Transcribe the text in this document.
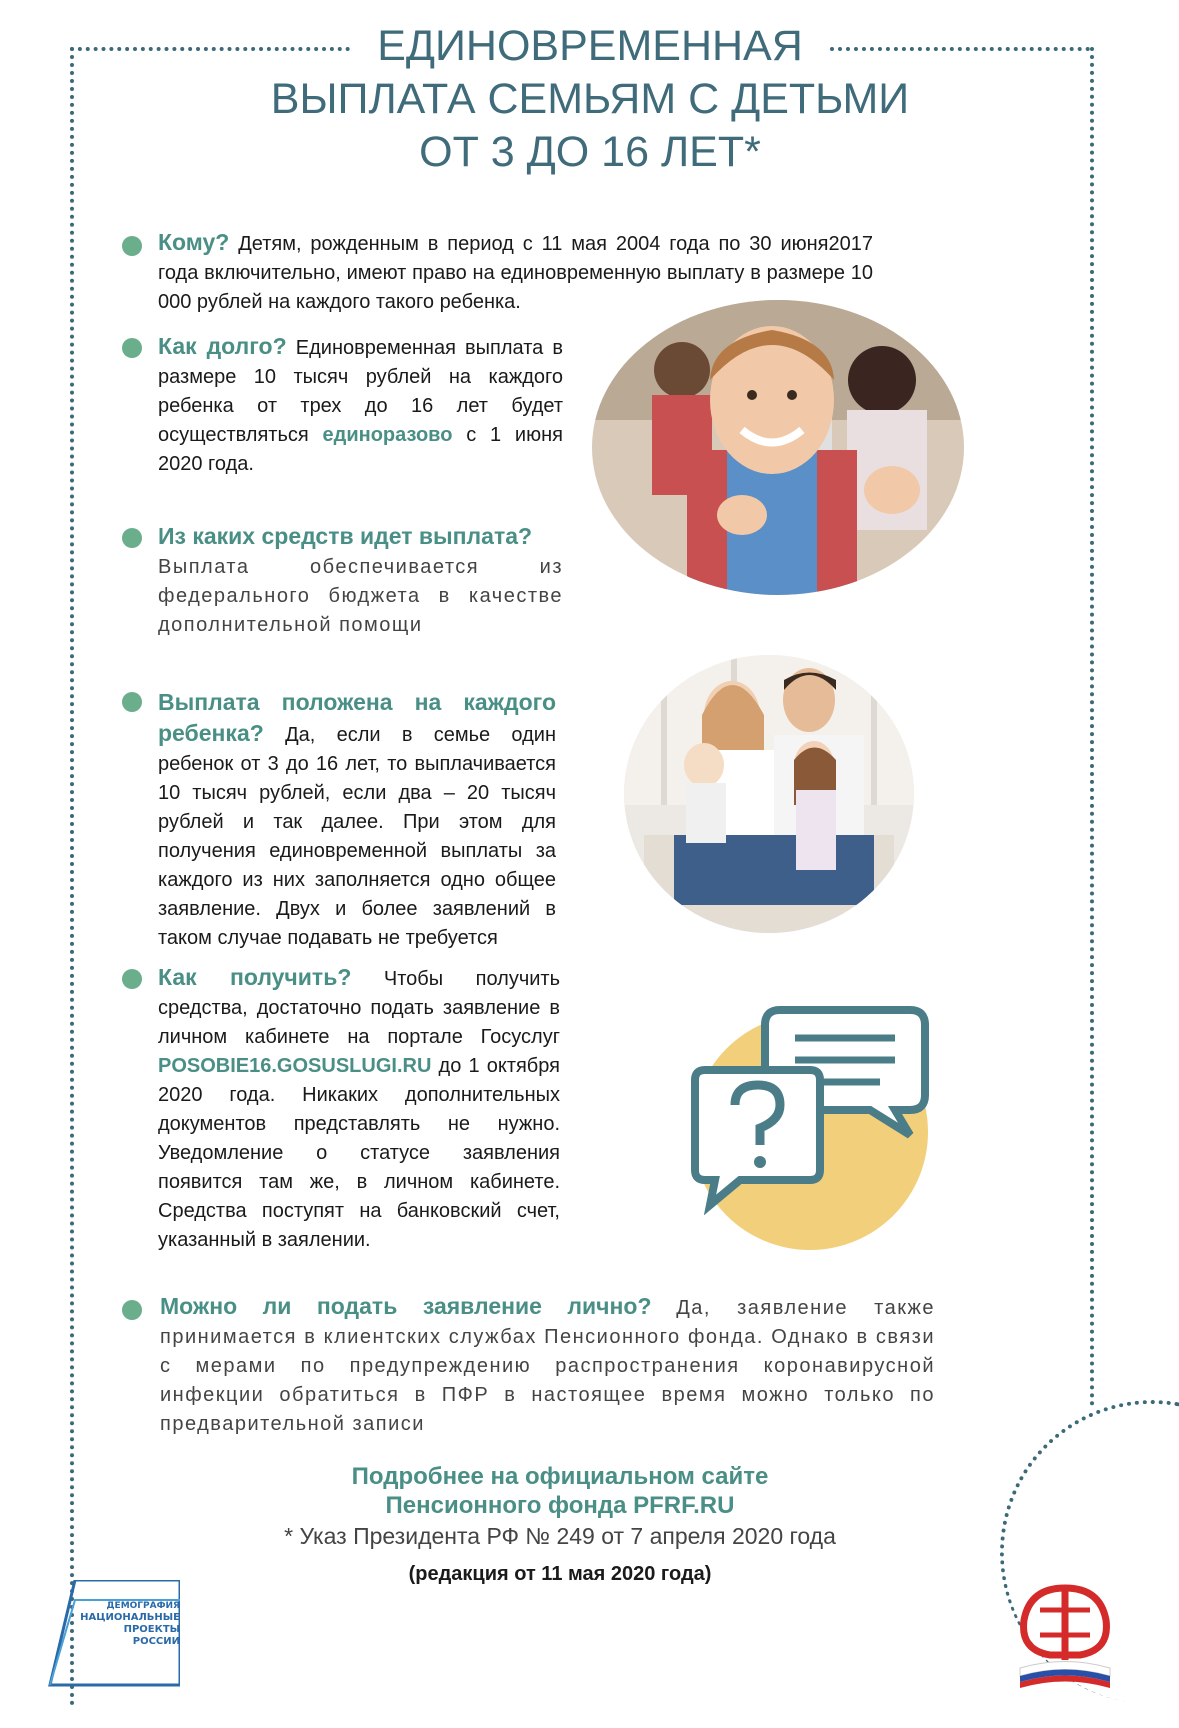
ЕДИНОВРЕМЕННАЯ
ВЫПЛАТА СЕМЬЯМ С ДЕТЬМИ
ОТ 3 ДО 16 ЛЕТ*
Кому? Детям, рожденным в период с 11 мая 2004 года по 30 июня2017 года включительно, имеют право на единовременную выплату в размере 10 000 рублей на каждого такого ребенка.
Как долго? Единовременная выплата в размере 10 тысяч рублей на каждого ребенка от трех до 16 лет будет осуществляться единоразово с 1 июня 2020 года.
Из каких средств идет выплата?
Выплата обеспечивается из федерального бюджета в качестве дополнительной помощи
Выплата положена на каждого ребенка? Да, если в семье один ребенок от 3 до 16 лет, то выплачивается 10 тысяч рублей, если два – 20 тысяч рублей и так далее. При этом для получения единовременной выплаты за каждого из них заполняется одно общее заявление. Двух и более заявлений в таком случае подавать не требуется
Как получить? Чтобы получить средства, достаточно подать заявление в личном кабинете на портале Госуслуг POSOBIE16.GOSUSLUGI.RU до 1 октября 2020 года. Никаких дополнительных документов представлять не нужно. Уведомление о статусе заявления появится там же, в личном кабинете. Средства поступят на банковский счет, указанный в заялении.
Можно ли подать заявление лично? Да, заявление также принимается в клиентских службах Пенсионного фонда. Однако в связи с мерами по предупреждению распространения коронавирусной инфекции обратиться в ПФР в настоящее время можно только по предварительной записи
Подробнее на официальном сайте
Пенсионного фонда PFRF.RU
* Указ Президента РФ № 249 от 7 апреля 2020 года
(редакция от 11 мая 2020 года)
ДЕМОГРАФИЯ
НАЦИОНАЛЬНЫЕ
ПРОЕКТЫ
РОССИИ
